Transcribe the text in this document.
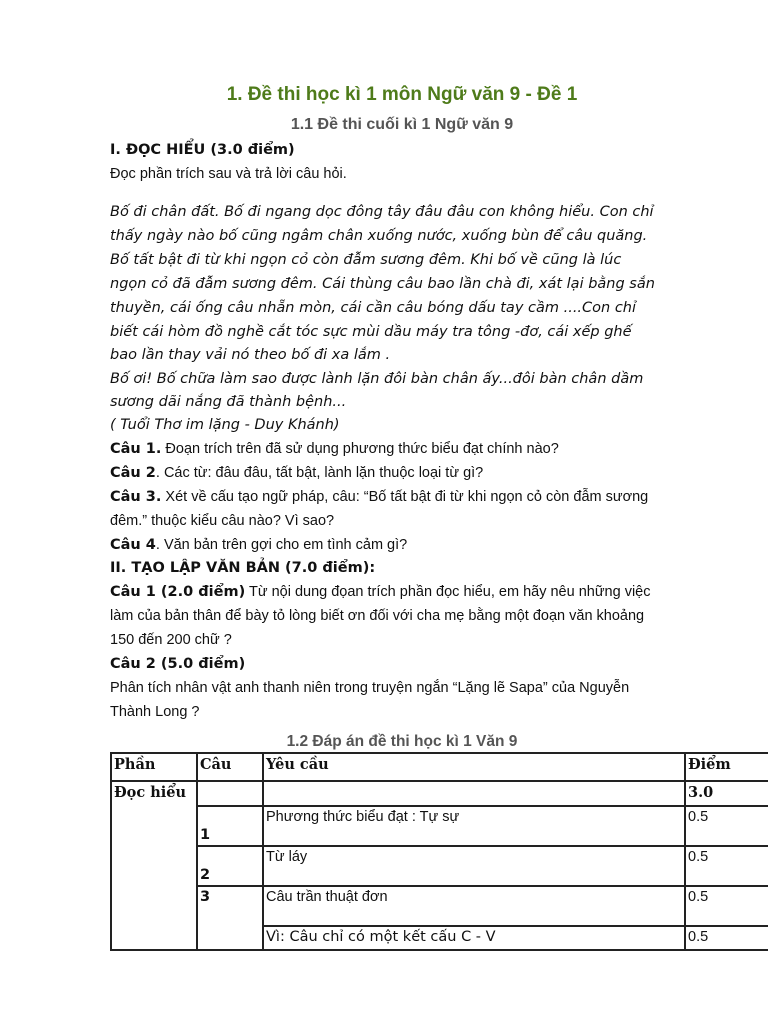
1. Đề thi học kì 1 môn Ngữ văn 9 - Đề 1
1.1 Đề thi cuối kì 1 Ngữ văn 9
I. ĐỌC HIỂU (3.0 điểm)
Đọc phần trích sau và trả lời câu hỏi.
Bố đi chân đất. Bố đi ngang dọc đông tây đâu đâu con không hiểu. Con chỉ
thấy ngày nào bố cũng ngâm chân xuống nước, xuống bùn để câu quăng.
Bố tất bật đi từ khi ngọn cỏ còn đẫm sương đêm. Khi bố về cũng là lúc
ngọn cỏ đã đẫm sương đêm. Cái thùng câu bao lần chà đi, xát lại bằng sắn
thuyền, cái ống câu nhẵn mòn, cái cần câu bóng dấu tay cầm ....Con chỉ
biết cái hòm đồ nghề cắt tóc sực mùi dầu máy tra tông -đơ, cái xếp ghế
bao lần thay vải nó theo bố đi xa lắm .
Bố ơi! Bố chữa làm sao được lành lặn đôi bàn chân ấy...đôi bàn chân dầm
sương dãi nắng đã thành bệnh...
( Tuổi Thơ im lặng - Duy Khánh)
Câu 1. Đoạn trích trên đã sử dụng phương thức biểu đạt chính nào?
Câu 2. Các từ: đâu đâu, tất bật, lành lặn thuộc loại từ gì?
Câu 3. Xét về cấu tạo ngữ pháp, câu: “Bố tất bật đi từ khi ngọn cỏ còn đẫm sương
đêm.” thuộc kiểu câu nào? Vì sao?
Câu 4. Văn bản trên gợi cho em tình cảm gì?
II. TẠO LẬP VĂN BẢN (7.0 điểm):
Câu 1 (2.0 điểm) Từ nội dung đọan trích phần đọc hiểu, em hãy nêu những việc
làm của bản thân để bày tỏ lòng biết ơn đối với cha mẹ bằng một đoạn văn khoảng
150 đến 200 chữ ?
Câu 2 (5.0 điểm)
Phân tích nhân vật anh thanh niên trong truyện ngắn “Lặng lẽ Sapa” của Nguyễn
Thành Long ?
1.2 Đáp án đề thi học kì 1 Văn 9
Phần	Câu	Yêu cầu	Điểm
Đọc hiểu			3.0
	1	Phương thức biểu đạt : Tự sự	0.5
	2	Từ láy	0.5
	3	Câu trần thuật đơn	0.5
		Vì: Câu chỉ có một kết cấu C - V	0.5
